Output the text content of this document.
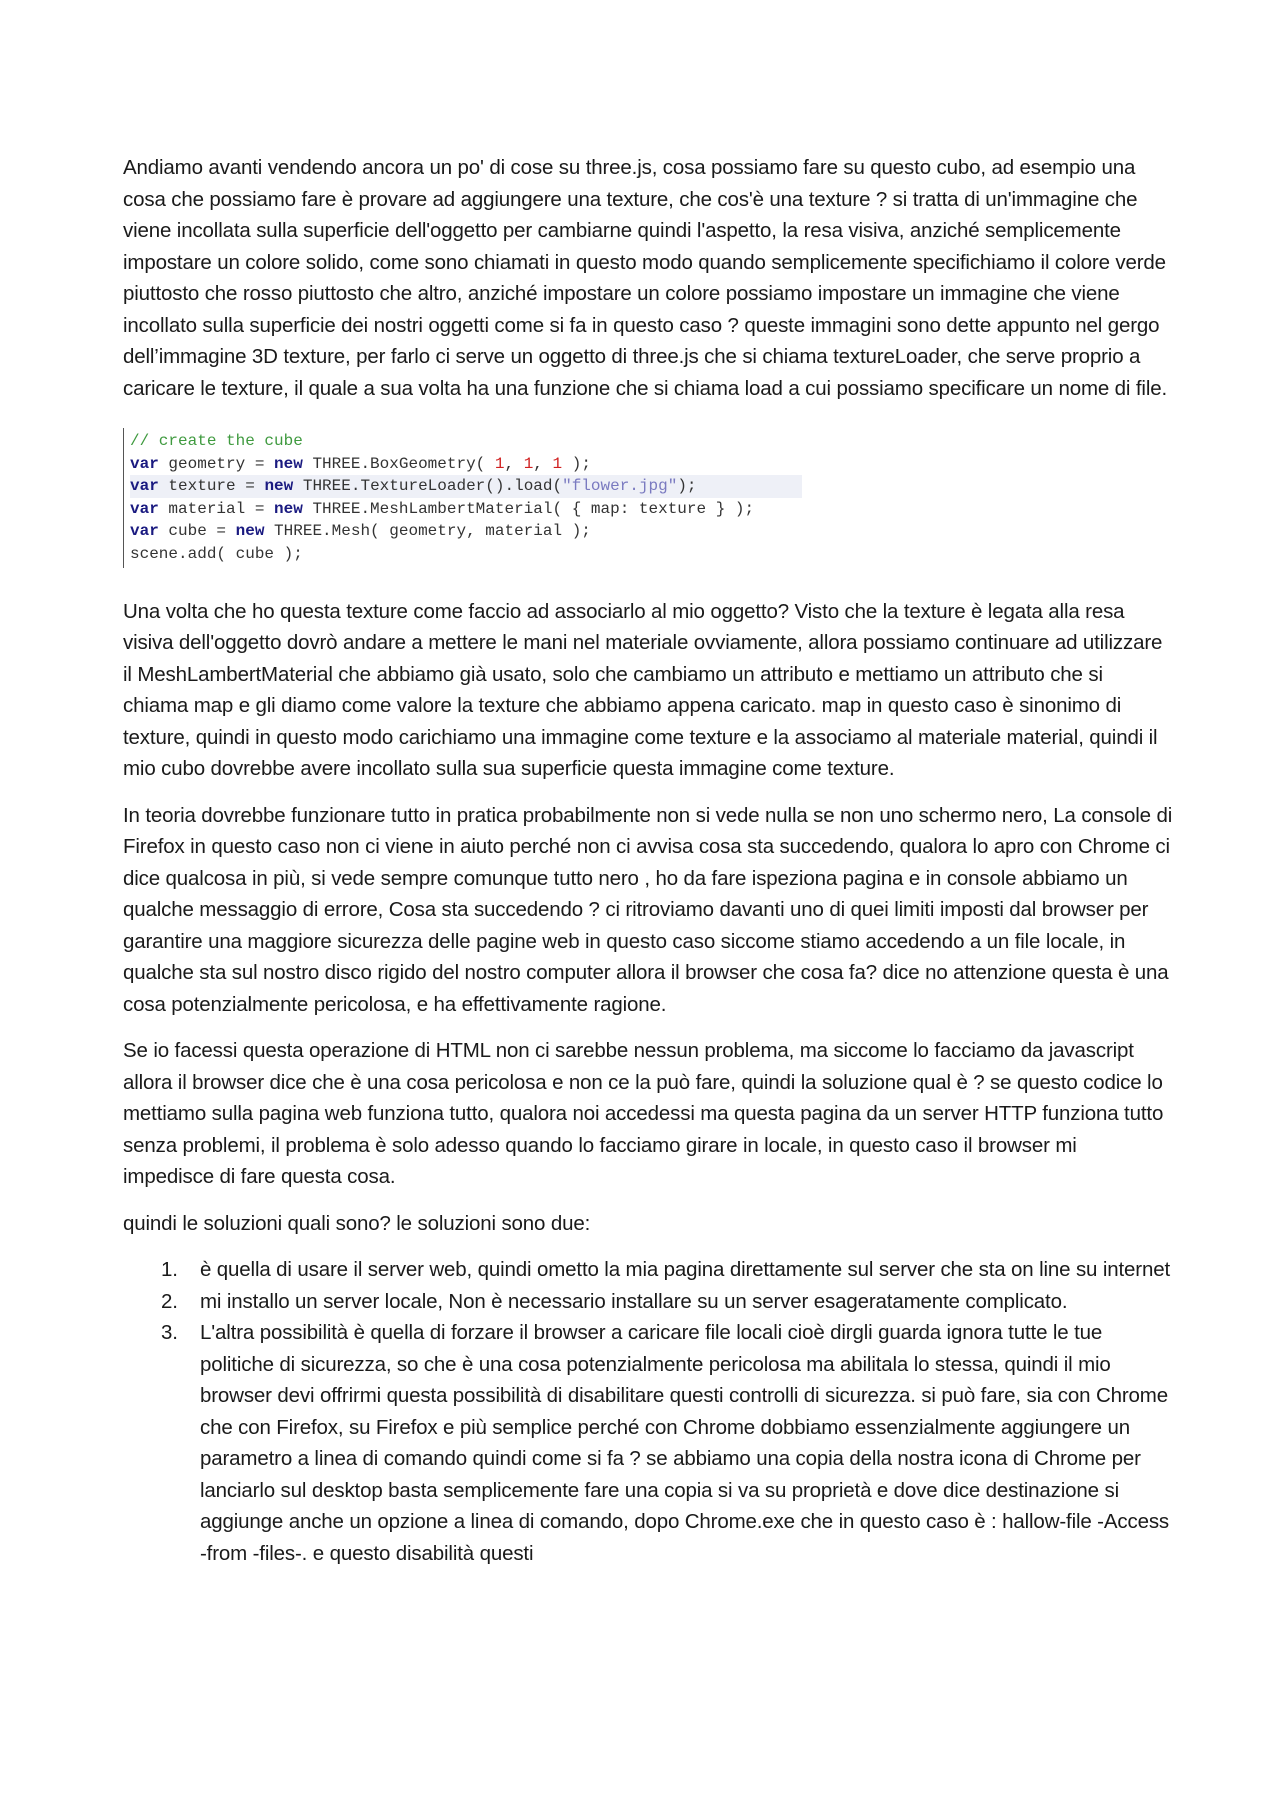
Andiamo avanti vendendo ancora un po' di cose su three.js, cosa possiamo fare su questo cubo, ad esempio una cosa che possiamo fare è provare ad aggiungere una texture, che cos'è una texture ? si tratta di un'immagine che viene incollata sulla superficie dell'oggetto per cambiarne quindi l'aspetto, la resa visiva, anziché semplicemente impostare un colore solido, come sono chiamati in questo modo quando semplicemente specifichiamo il colore verde piuttosto che rosso piuttosto che altro, anziché impostare un colore possiamo impostare un immagine che viene incollato sulla superficie dei nostri oggetti come si fa in questo caso ? queste immagini sono dette appunto nel gergo dell’immagine 3D texture, per farlo ci serve un oggetto di three.js che si chiama textureLoader, che serve proprio a caricare le texture, il quale a sua volta ha una funzione che si chiama load a cui possiamo specificare un nome di file.

// create the cube
var geometry = new THREE.BoxGeometry( 1, 1, 1 );
var texture = new THREE.TextureLoader().load("flower.jpg");
var material = new THREE.MeshLambertMaterial( { map: texture } );
var cube = new THREE.Mesh( geometry, material );
scene.add( cube );

Una volta che ho questa texture come faccio ad associarlo al mio oggetto? Visto che la texture è legata alla resa visiva dell'oggetto dovrò andare a mettere le mani nel materiale ovviamente, allora possiamo continuare ad utilizzare il MeshLambertMaterial che abbiamo già usato, solo che cambiamo un attributo e mettiamo un attributo che si chiama map e gli diamo come valore la texture che abbiamo appena caricato. map in questo caso è sinonimo di texture, quindi in questo modo carichiamo una immagine come texture e la associamo al materiale material, quindi il mio cubo dovrebbe avere incollato sulla sua superficie questa immagine come texture.

In teoria dovrebbe funzionare tutto in pratica probabilmente non si vede nulla se non uno schermo nero, La console di Firefox in questo caso non ci viene in aiuto perché non ci avvisa cosa sta succedendo, qualora lo apro con Chrome ci dice qualcosa in più, si vede sempre comunque tutto nero , ho da fare ispeziona pagina e in console abbiamo un qualche messaggio di errore, Cosa sta succedendo ? ci ritroviamo davanti uno di quei limiti imposti dal browser per garantire una maggiore sicurezza delle pagine web in questo caso siccome stiamo accedendo a un file locale, in qualche sta sul nostro disco rigido del nostro computer allora il browser che cosa fa? dice no attenzione questa è una cosa potenzialmente pericolosa, e ha effettivamente ragione.

Se io facessi questa operazione di HTML non ci sarebbe nessun problema, ma siccome lo facciamo da javascript allora il browser dice che è una cosa pericolosa e non ce la può fare, quindi la soluzione qual è ? se questo codice lo mettiamo sulla pagina web funziona tutto, qualora noi accedessi ma questa pagina da un server HTTP funziona tutto senza problemi, il problema è solo adesso quando lo facciamo girare in locale, in questo caso il browser mi impedisce di fare questa cosa.

quindi le soluzioni quali sono? le soluzioni sono due:

1. è quella di usare il server web, quindi ometto la mia pagina direttamente sul server che sta on line su internet
2. mi installo un server locale, Non è necessario installare su un server esageratamente complicato.
3. L'altra possibilità è quella di forzare il browser a caricare file locali cioè dirgli guarda ignora tutte le tue politiche di sicurezza, so che è una cosa potenzialmente pericolosa ma abilitala lo stessa, quindi il mio browser devi offrirmi questa possibilità di disabilitare questi controlli di sicurezza. si può fare, sia con Chrome che con Firefox, su Firefox e più semplice perché con Chrome dobbiamo essenzialmente aggiungere un parametro a linea di comando quindi come si fa ? se abbiamo una copia della nostra icona di Chrome per lanciarlo sul desktop basta semplicemente fare una copia si va su proprietà e dove dice destinazione si aggiunge anche un opzione a linea di comando, dopo Chrome.exe che in questo caso è : hallow-file -Access -from -files-. e questo disabilità questi
